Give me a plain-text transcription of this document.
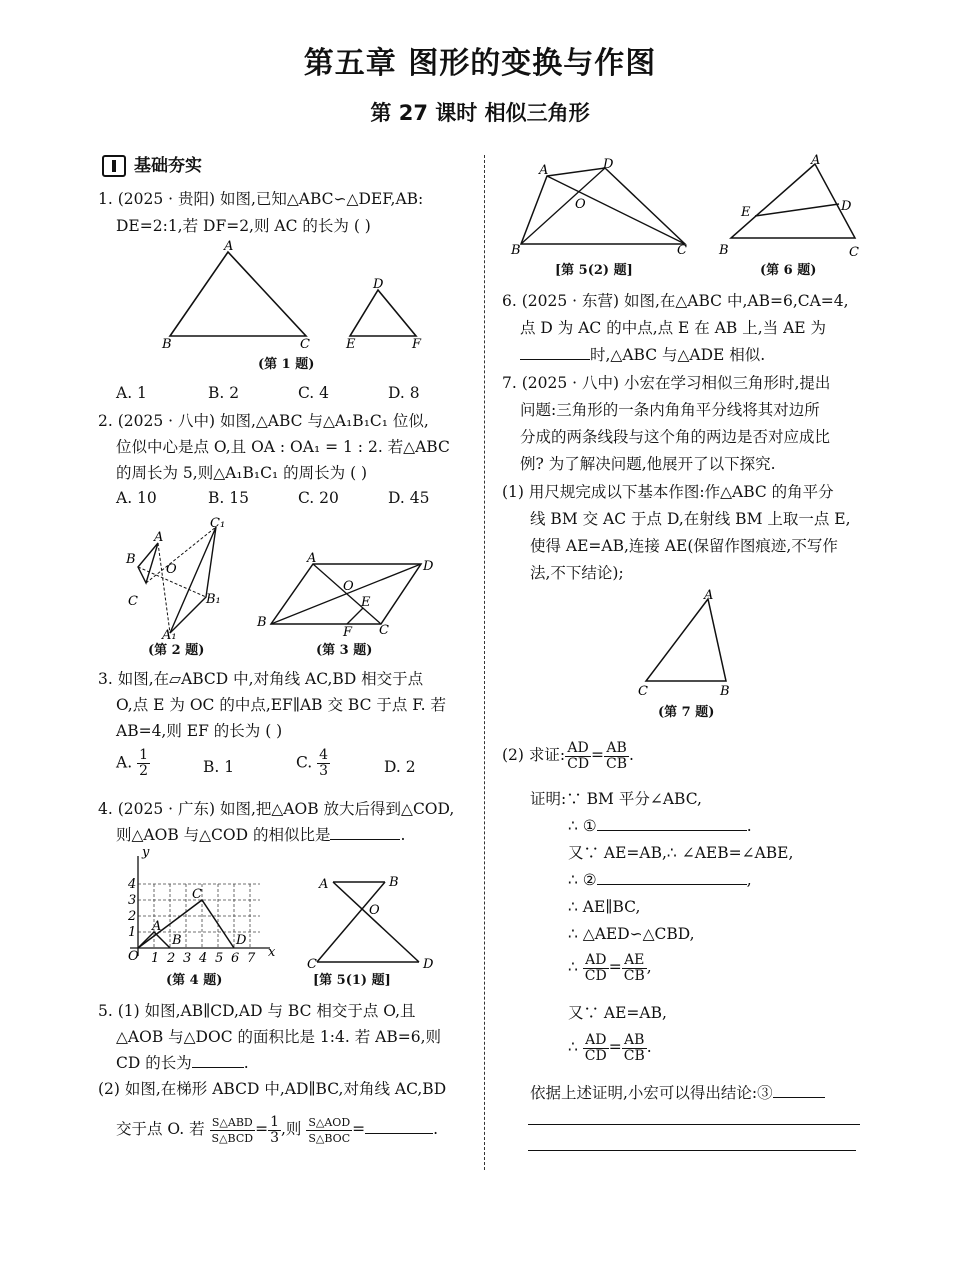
第五章 图形的变换与作图
第 27 课时 相似三角形
基础夯实
1. (2025 · 贵阳) 如图,已知△ABC∽△DEF,AB:
DE=2:1,若 DF=2,则 AC 的长为 ( )
A
B	C
D
E	F
(第 1 题)
A. 1	B. 2	C. 4	D. 8
2. (2025 · 八中) 如图,△ABC 与△A₁B₁C₁ 位似,
位似中心是点 O,且 OA : OA₁ = 1 : 2. 若△ABC
的周长为 5,则△A₁B₁C₁ 的周长为 ( )
A. 10	B. 15	C. 20	D. 45
A
B
C
O
C₁
B₁
A₁
(第 2 题)
A
D
B
C
O
E
F
(第 3 题)
3. 如图,在▱ABCD 中,对角线 AC,BD 相交于点
O,点 E 为 OC 的中点,EF∥AB 交 BC 于点 F. 若
AB=4,则 EF 的长为 ( )
A. $\frac{1}{2}$	B. 1	C. $\frac{4}{3}$	D. 2
4. (2025 · 广东) 如图,把△AOB 放大后得到△COD,
则△AOB 与△COD 的相似比是	.
y
x
O
A
B
C
D
1
2
3
4
1 2 3 4 5 6 7
(第 4 题)
A	B
O
C	D
[第 5(1) 题]
5. (1) 如图,AB∥CD,AD 与 BC 相交于点 O,且
△AOB 与△DOC 的面积比是 1:4. 若 AB=6,则
CD 的长为	.
(2) 如图,在梯形 ABCD 中,AD∥BC,对角线 AC,BD
交于点 O. 若 $\frac{\text{S△ABD}}{\text{S△BCD}} = \frac{1}{3}$ ,则 $\frac{\text{S△AOD}}{\text{S△BOC}}$ =	.
A	D
O
B	C
[第 5(2) 题]
A
B	C
E	D
(第 6 题)
6. (2025 · 东营) 如图,在△ABC 中,AB=6,CA=4,
点 D 为 AC 的中点,点 E 在 AB 上,当 AE 为
时,△ABC 与△ADE 相似.
7. (2025 · 八中) 小宏在学习相似三角形时,提出
问题:三角形的一条内角角平分线将其对边所
分成的两条线段与这个角的两边是否对应成比
例? 为了解决问题,他展开了以下探究.
(1) 用尺规完成以下基本作图:作△ABC 的角平分
线 BM 交 AC 于点 D,在射线 BM 上取一点 E,
使得 AE=AB,连接 AE(保留作图痕迹,不写作
法,不下结论);
A
C	B
(第 7 题)
(2) 求证: $\frac{AD}{CD} = \frac{AB}{CB}$ .
证明:∵ BM 平分∠ABC,
∴ ①	.
又∵ AE=AB,∴ ∠AEB=∠ABE,
∴ ②	,
∴ AE∥BC,
∴ △AED∽△CBD,
∴ $\frac{AD}{CD} = \frac{AE}{CB}$ ,
又∵ AE=AB,
∴ $\frac{AD}{CD} = \frac{AB}{CB}$ .
依据上述证明,小宏可以得出结论:③
